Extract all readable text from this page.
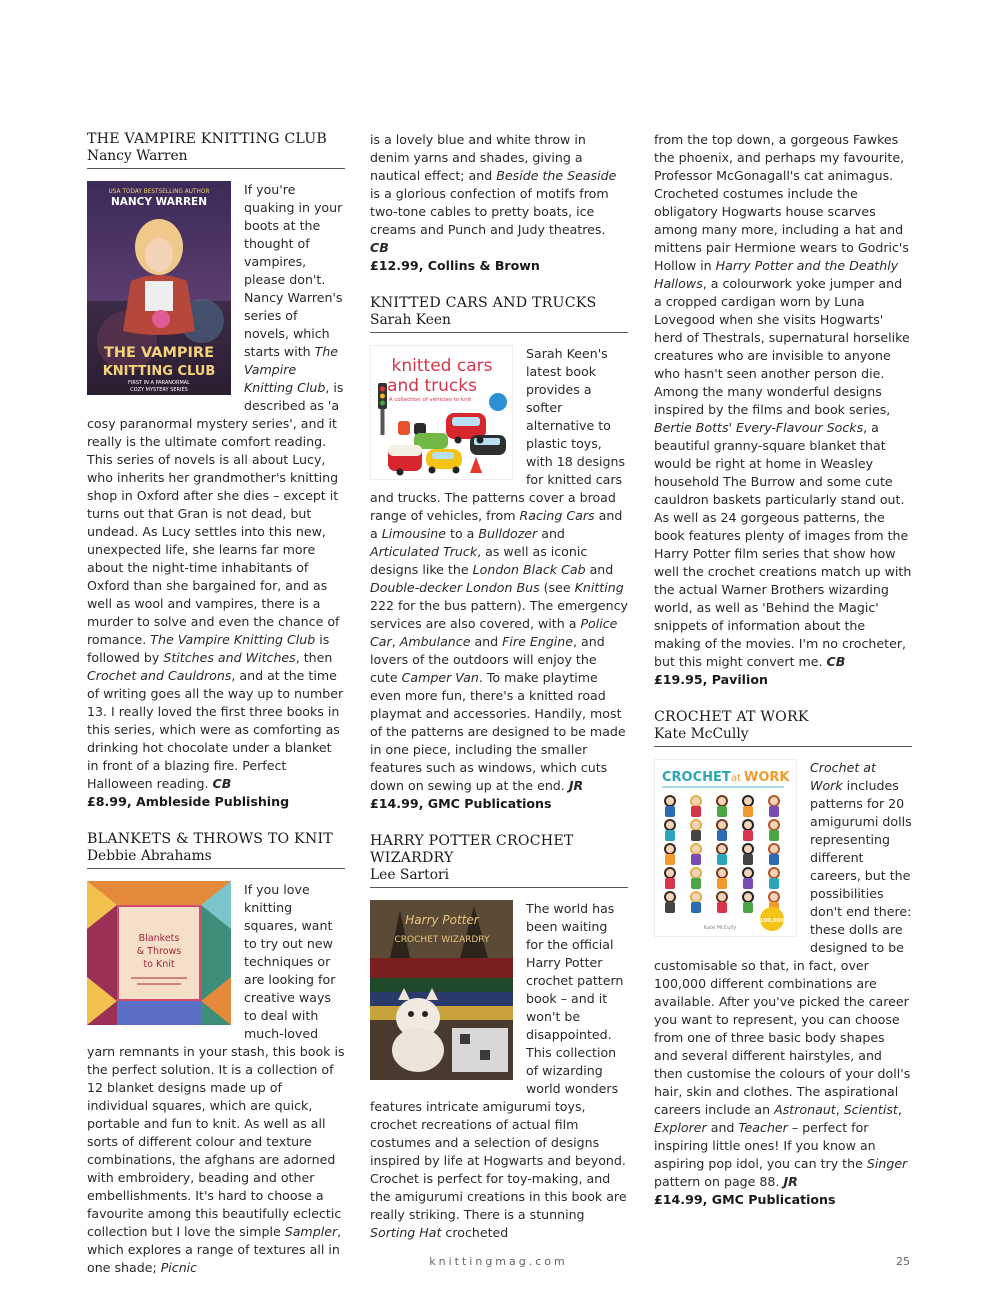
THE VAMPIRE KNITTING CLUB
Nancy Warren
USA TODAY BESTSELLING AUTHOR
NANCY WARREN
THE VAMPIRE
KNITTING CLUB
FIRST IN A PARANORMAL
COZY MYSTERY SERIES

If you're quaking in your boots at the thought of vampires, please don't. Nancy Warren's series of novels, which starts with The Vampire Knitting Club, is described as 'a cosy paranormal mystery series', and it really is the ultimate comfort reading. This series of novels is all about Lucy, who inherits her grandmother's knitting shop in Oxford after she dies – except it turns out that Gran is not dead, but undead. As Lucy settles into this new, unexpected life, she learns far more about the night-time inhabitants of Oxford than she bargained for, and as well as wool and vampires, there is a murder to solve and even the chance of romance. The Vampire Knitting Club is followed by Stitches and Witches, then Crochet and Cauldrons, and at the time of writing goes all the way up to number 13. I really loved the first three books in this series, which were as comforting as drinking hot chocolate under a blanket in front of a blazing fire. Perfect Halloween reading. CB

£8.99, Ambleside Publishing

BLANKETS & THROWS TO KNIT
Debbie Abrahams
Blankets
& Throws
to Knit

If you love knitting squares, want to try out new techniques or are looking for creative ways to deal with much-loved yarn remnants in your stash, this book is the perfect solution. It is a collection of 12 blanket designs made up of individual squares, which are quick, portable and fun to knit. As well as all sorts of different colour and texture combinations, the afghans are adorned with embroidery, beading and other embellishments. It's hard to choose a favourite among this beautifully eclectic collection but I love the simple Sampler, which explores a range of textures all in one shade; Picnic

is a lovely blue and white throw in denim yarns and shades, giving a nautical effect; and Beside the Seaside is a glorious confection of motifs from two-tone cables to pretty boats, ice creams and Punch and Judy theatres. CB

£12.99, Collins & Brown

KNITTED CARS AND TRUCKS
Sarah Keen
knitted cars
and trucks
A collection of vehicles to knit

Sarah Keen's latest book provides a softer alternative to plastic toys, with 18 designs for knitted cars and trucks. The patterns cover a broad range of vehicles, from Racing Cars and a Limousine to a Bulldozer and Articulated Truck, as well as iconic designs like the London Black Cab and Double-decker London Bus (see Knitting 222 for the bus pattern). The emergency services are also covered, with a Police Car, Ambulance and Fire Engine, and lovers of the outdoors will enjoy the cute Camper Van. To make playtime even more fun, there's a knitted road playmat and accessories. Handily, most of the patterns are designed to be made in one piece, including the smaller features such as windows, which cuts down on sewing up at the end. JR

£14.99, GMC Publications

HARRY POTTER CROCHET WIZARDRY
Lee Sartori
Harry Potter
CROCHET WIZARDRY

The world has been waiting for the official Harry Potter crochet pattern book – and it won't be disappointed. This collection of wizarding world wonders features intricate amigurumi toys, crochet recreations of actual film costumes and a selection of designs inspired by life at Hogwarts and beyond. Crochet is perfect for toy-making, and the amigurumi creations in this book are really striking. There is a stunning Sorting Hat crocheted

from the top down, a gorgeous Fawkes the phoenix, and perhaps my favourite, Professor McGonagall's cat animagus. Crocheted costumes include the obligatory Hogwarts house scarves among many more, including a hat and mittens pair Hermione wears to Godric's Hollow in Harry Potter and the Deathly Hallows, a colourwork yoke jumper and a cropped cardigan worn by Luna Lovegood when she visits Hogwarts' herd of Thestrals, supernatural horselike creatures who are invisible to anyone who hasn't seen another person die. Among the many wonderful designs inspired by the films and book series, Bertie Botts' Every-Flavour Socks, a beautiful granny-square blanket that would be right at home in Weasley household The Burrow and some cute cauldron baskets particularly stand out. As well as 24 gorgeous patterns, the book features plenty of images from the Harry Potter film series that show how well the crochet creations match up with the actual Warner Brothers wizarding world, as well as 'Behind the Magic' snippets of information about the making of the movies. I'm no crocheter, but this might convert me. CB

£19.95, Pavilion

CROCHET AT WORK
Kate McCully
CROCHET at WORK
100,000
Kate McCully

Crochet at Work includes patterns for 20 amigurumi dolls representing different careers, but the possibilities don't end there: these dolls are designed to be customisable so that, in fact, over 100,000 different combinations are available. After you've picked the career you want to represent, you can choose from one of three basic body shapes and several different hairstyles, and then customise the colours of your doll's hair, skin and clothes. The aspirational careers include an Astronaut, Scientist, Explorer and Teacher – perfect for inspiring little ones! If you know an aspiring pop idol, you can try the Singer pattern on page 88. JR

£14.99, GMC Publications

knittingmag.com	25
